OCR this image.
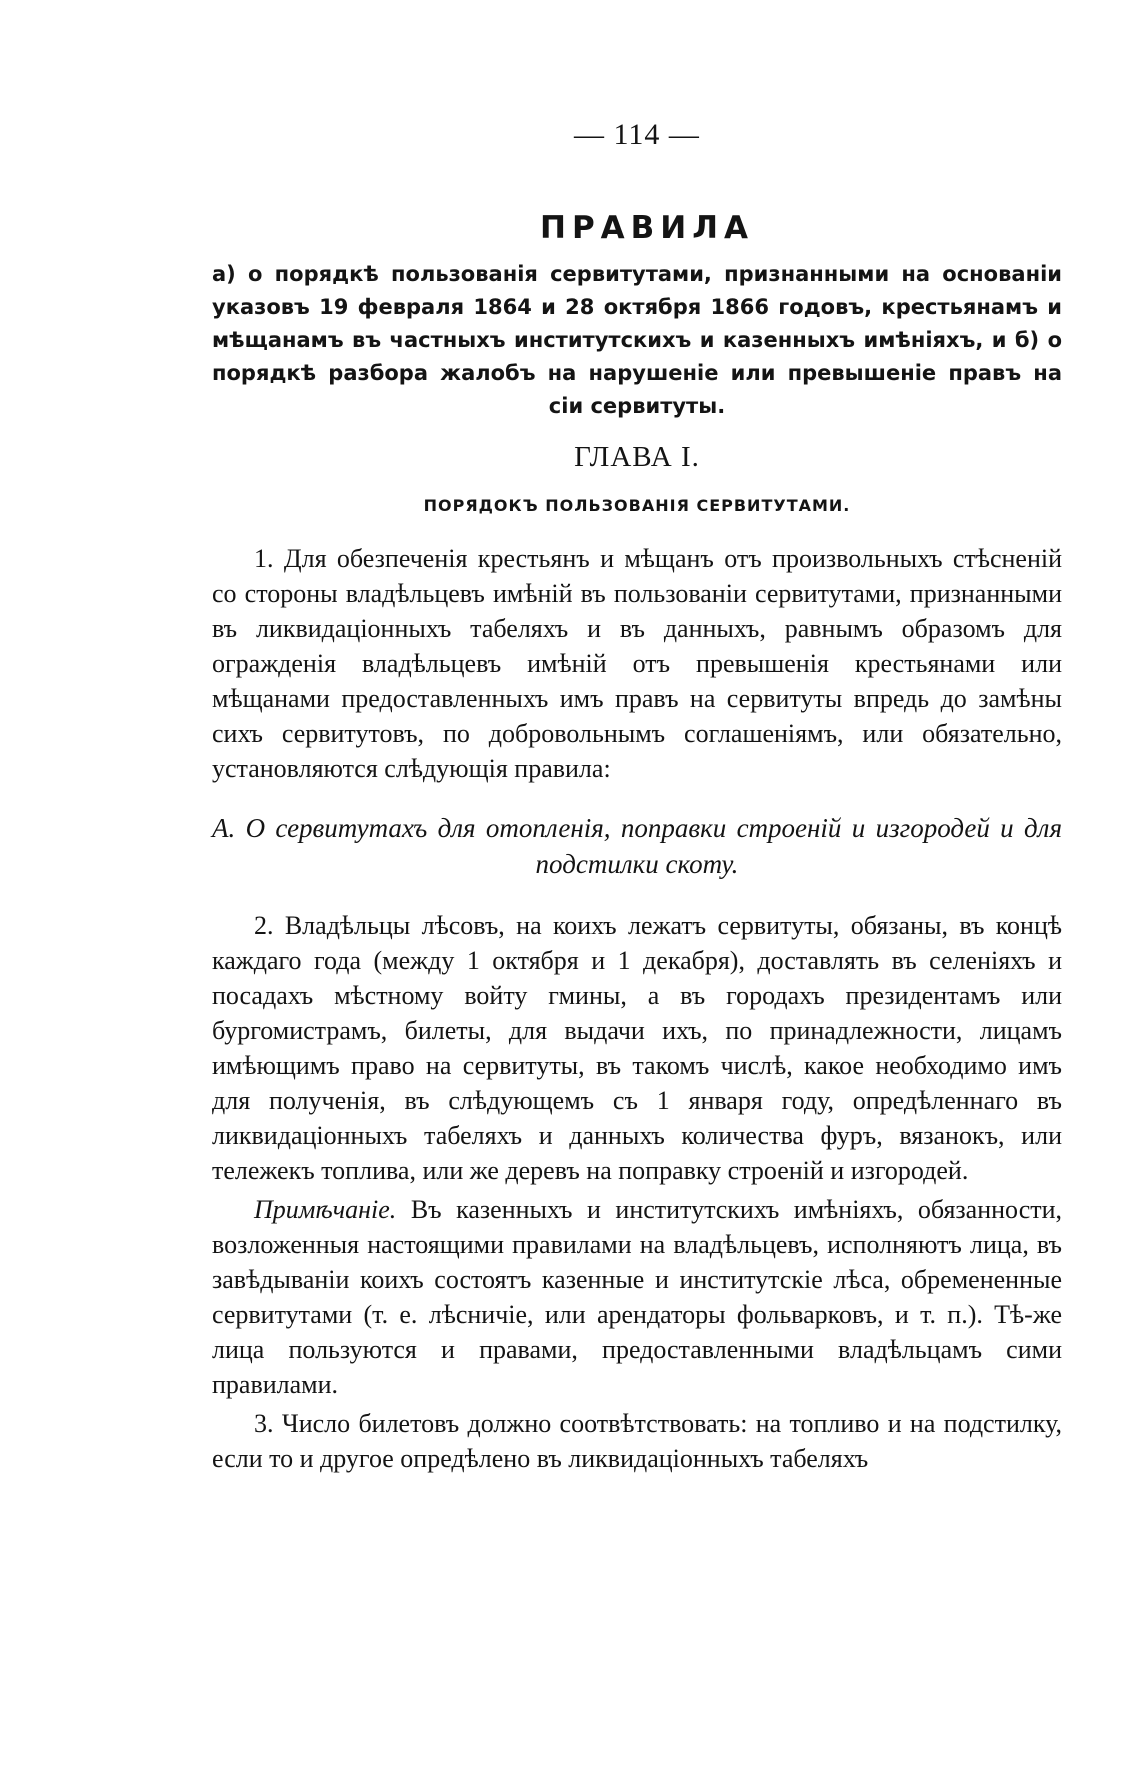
— 114 —
ПРАВИЛА
а) о порядкѣ пользованія сервитутами, признанными на основаніи указовъ 19 февраля 1864 и 28 октября 1866 годовъ, крестьянамъ и мѣщанамъ въ частныхъ институтскихъ и казенныхъ имѣніяхъ, и б) о порядкѣ разбора жалобъ на нарушеніе или превышеніе правъ на сіи сервитуты.
ГЛАВА I.
ПОРЯДОКЪ ПОЛЬЗОВАНІЯ СЕРВИТУТАМИ.

1. Для обезпеченія крестьянъ и мѣщанъ отъ произвольныхъ стѣсненій со стороны владѣльцевъ имѣній въ пользованіи сервитутами, признанными въ ликвидаціонныхъ табеляхъ и въ данныхъ, равнымъ образомъ для огражденія владѣльцевъ имѣній отъ превышенія крестьянами или мѣщанами предоставленныхъ имъ правъ на сервитуты впредь до замѣны сихъ сервитутовъ, по добровольнымъ соглашеніямъ, или обязательно, установляются слѣдующія правила:

А. О сервитутахъ для отопленія, поправки строеній и изгородей и для подстилки скоту.

2. Владѣльцы лѣсовъ, на коихъ лежатъ сервитуты, обязаны, въ концѣ каждаго года (между 1 октября и 1 декабря), доставлять въ селеніяхъ и посадахъ мѣстному войту гмины, а въ городахъ президентамъ или бургомистрамъ, билеты, для выдачи ихъ, по принадлежности, лицамъ имѣющимъ право на сервитуты, въ такомъ числѣ, какое необходимо имъ для полученія, въ слѣдующемъ съ 1 января году, опредѣленнаго въ ликвидаціонныхъ табеляхъ и данныхъ количества фуръ, вязанокъ, или тележекъ топлива, или же деревъ на поправку строеній и изгородей.

Примѣчаніе. Въ казенныхъ и институтскихъ имѣніяхъ, обязанности, возложенныя настоящими правилами на владѣльцевъ, исполняютъ лица, въ завѣдываніи коихъ состоятъ казенные и институтскіе лѣса, обремененные сервитутами (т. е. лѣсничіе, или арендаторы фольварковъ, и т. п.). Тѣ-же лица пользуются и правами, предоставленными владѣльцамъ сими правилами.

3. Число билетовъ должно соотвѣтствовать: на топливо и на подстилку, если то и другое опредѣлено въ ликвидаціонныхъ табеляхъ
